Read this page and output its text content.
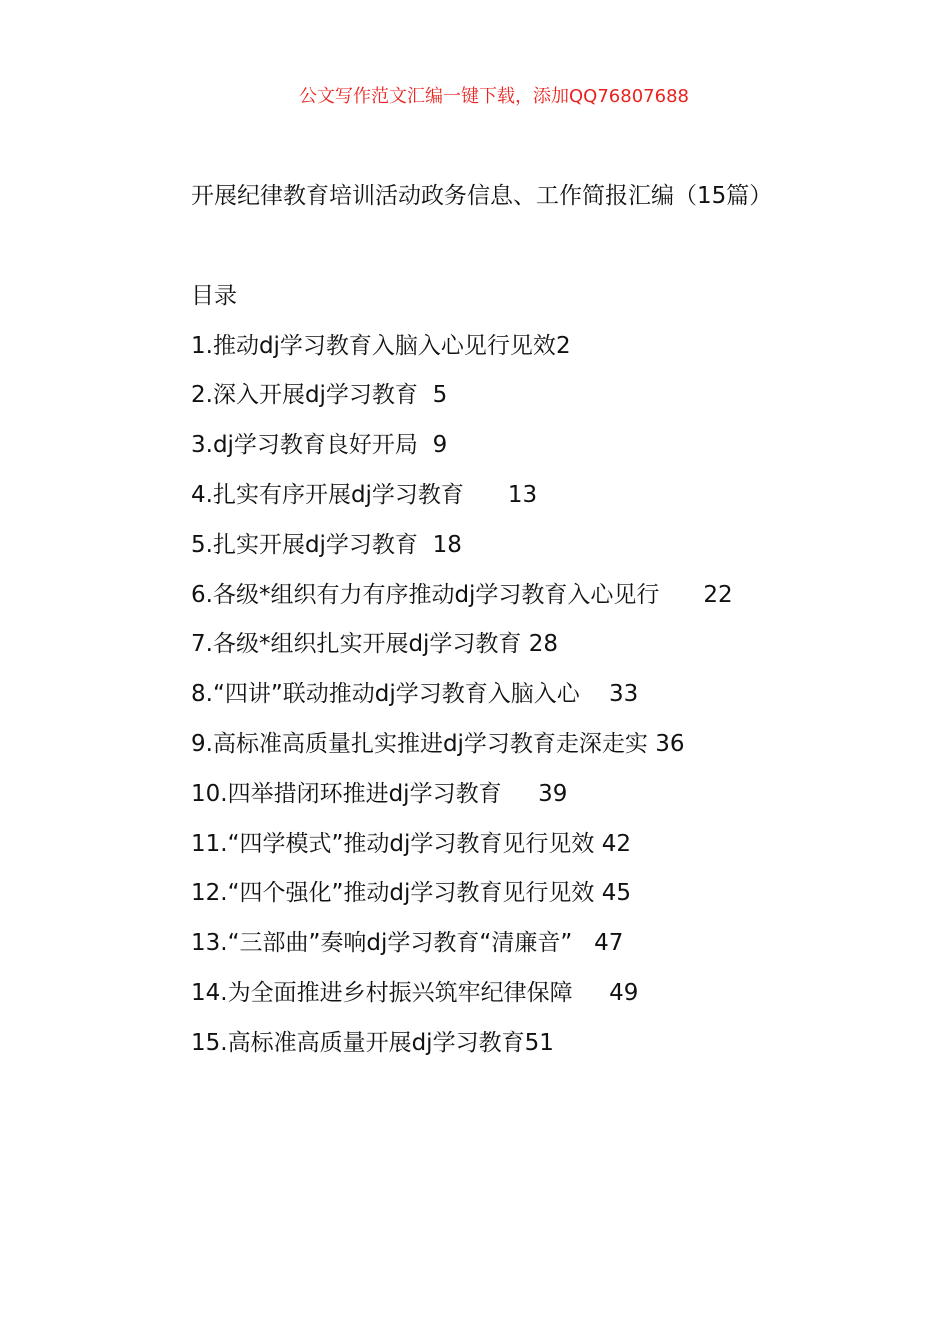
公文写作范文汇编一键下载，添加QQ76807688
开展纪律教育培训活动政务信息、工作简报汇编（15篇）
目录
1.推动dj学习教育入脑入心见行见效2
2.深入开展dj学习教育 5
3.dj学习教育良好开局 9
4.扎实有序开展dj学习教育 13
5.扎实开展dj学习教育 18
6.各级*组织有力有序推动dj学习教育入心见行 22
7.各级*组织扎实开展dj学习教育 28
8.“四讲”联动推动dj学习教育入脑入心 33
9.高标准高质量扎实推进dj学习教育走深走实 36
10.四举措闭环推进dj学习教育 39
11.“四学模式”推动dj学习教育见行见效 42
12.“四个强化”推动dj学习教育见行见效 45
13.“三部曲”奏响dj学习教育“清廉音” 47
14.为全面推进乡村振兴筑牢纪律保障 49
15.高标准高质量开展dj学习教育51
